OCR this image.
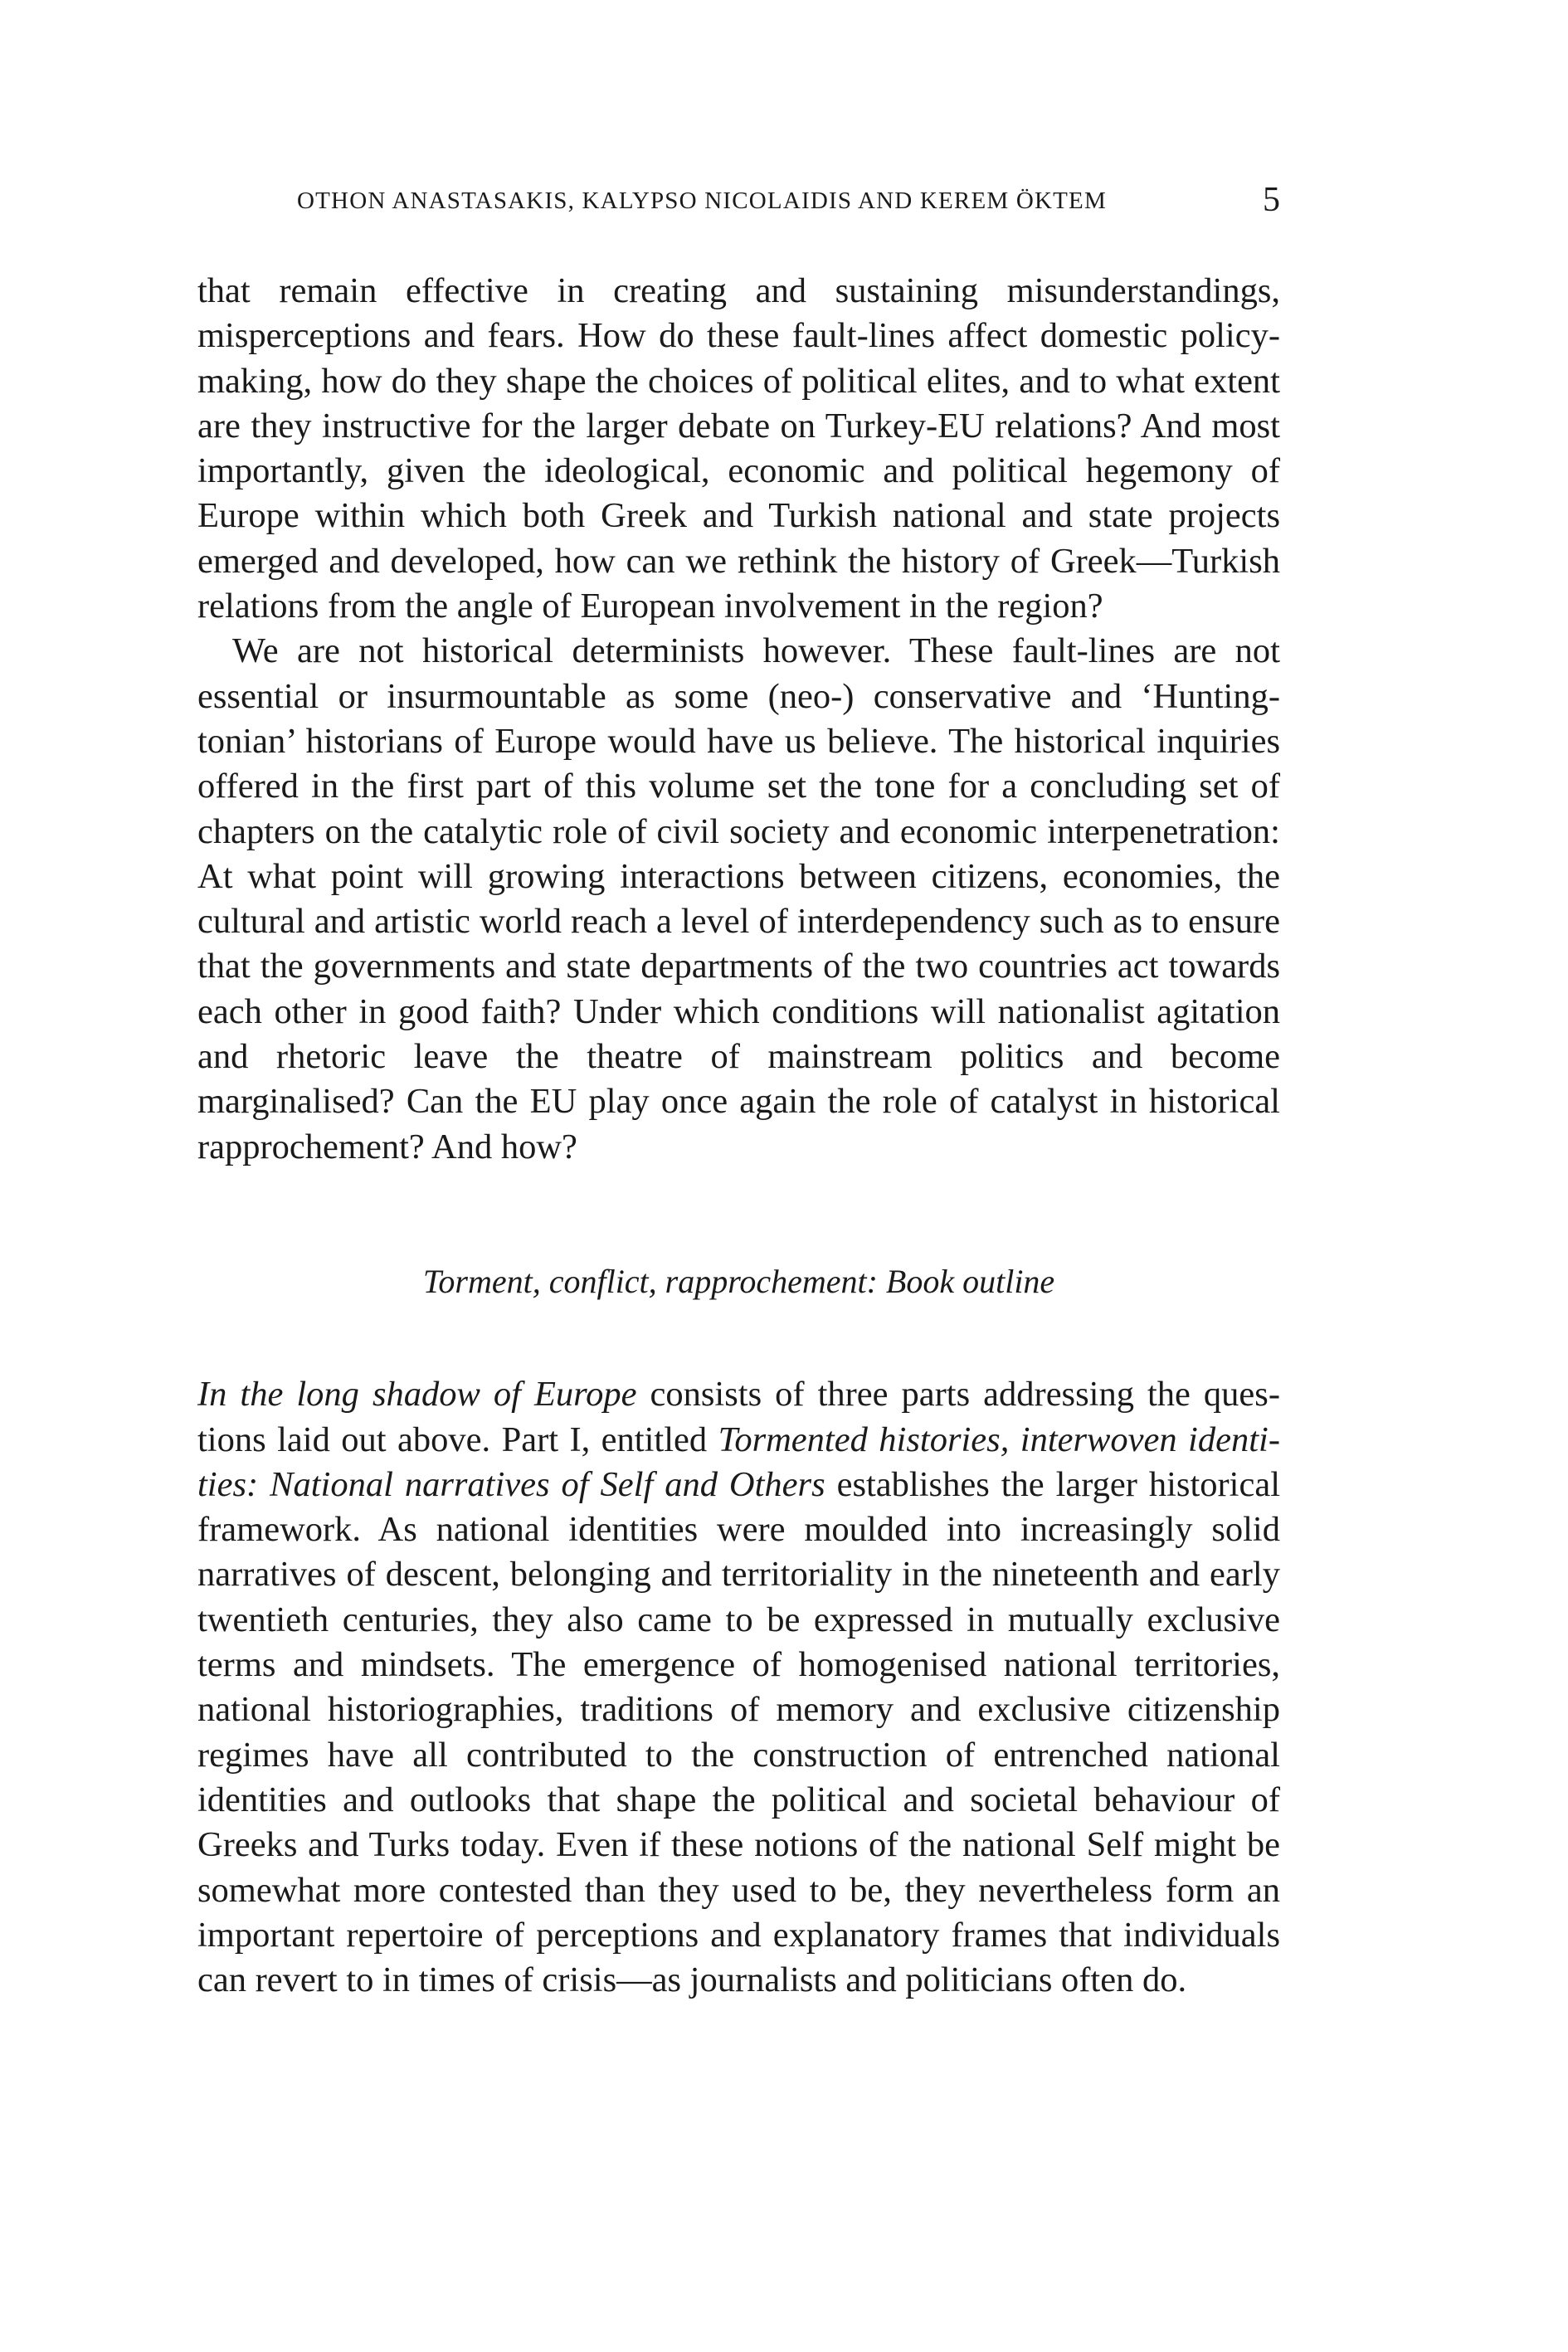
OTHON ANASTASAKIS, KALYPSO NICOLAIDIS AND KEREM ÖKTEM	5

that remain effective in creating and sustaining misunderstandings, misperceptions and fears. How do these fault-lines affect domestic policy-making, how do they shape the choices of political elites, and to what extent are they instructive for the larger debate on Turkey-EU relations? And most importantly, given the ideological, economic and political hegemony of Europe within which both Greek and Turkish national and state projects emerged and developed, how can we rethink the history of Greek—Turkish relations from the angle of European involvement in the region?

We are not historical determinists however. These fault-lines are not essential or insurmountable as some (neo-) conservative and ‘Huntingtonian’ historians of Europe would have us believe. The historical inquiries offered in the first part of this volume set the tone for a concluding set of chapters on the catalytic role of civil society and economic interpenetration: At what point will growing interactions between citizens, economies, the cultural and artistic world reach a level of interdependency such as to ensure that the governments and state departments of the two countries act towards each other in good faith? Under which conditions will nationalist agitation and rhetoric leave the theatre of mainstream politics and become marginalised? Can the EU play once again the role of catalyst in historical rapprochement? And how?

Torment, conflict, rapprochement: Book outline

In the long shadow of Europe consists of three parts addressing the questions laid out above. Part I, entitled Tormented histories, interwoven identities: National narratives of Self and Others establishes the larger historical framework. As national identities were moulded into increasingly solid narratives of descent, belonging and territoriality in the nineteenth and early twentieth centuries, they also came to be expressed in mutually exclusive terms and mindsets. The emergence of homogenised national territories, national historiographies, traditions of memory and exclusive citizenship regimes have all contributed to the construction of entrenched national identities and outlooks that shape the political and societal behaviour of Greeks and Turks today. Even if these notions of the national Self might be somewhat more contested than they used to be, they nevertheless form an important repertoire of perceptions and explanatory frames that individuals can revert to in times of crisis—as journalists and politicians often do.
